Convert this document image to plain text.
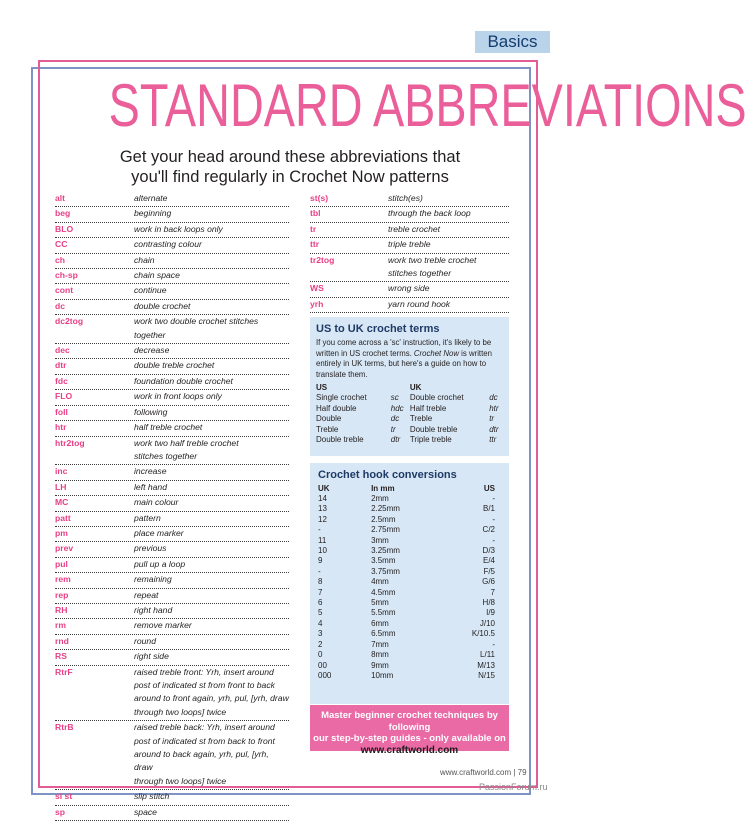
Basics
STANDARD ABBREVIATIONS
Get your head around these abbreviations that
you'll find regularly in Crochet Now patterns
alt	alternate
beg	beginning
BLO	work in back loops only
CC	contrasting colour
ch	chain
ch-sp	chain space
cont	continue
dc	double crochet
dc2tog	work two double crochet stitches together
dec	decrease
dtr	double treble crochet
fdc	foundation double crochet
FLO	work in front loops only
foll	following
htr	half treble crochet
htr2tog	work two half treble crochet
stitches together
inc	increase
LH	left hand
MC	main colour
patt	pattern
pm	place marker
prev	previous
pul	pull up a loop
rem	remaining
rep	repeat
RH	right hand
rm	remove marker
rnd	round
RS	right side
RtrF	raised treble front: Yrh, insert around
post of indicated st from front to back
around to front again, yrh, pul, [yrh, draw
through two loops] twice
RtrB	raised treble back: Yrh, insert around
post of indicated st from back to front
around to back again, yrh, pul, [yrh, draw
through two loops] twice
sl st	slip stitch
sp	space
st(s)	stitch(es)
tbl	through the back loop
tr	treble crochet
ttr	triple treble
tr2tog	work two treble crochet
stitches together
WS	wrong side
yrh	yarn round hook
US to UK crochet terms
If you come across a 'sc' instruction, it's likely to be written in US crochet terms. Crochet Now is written entirely in UK terms, but here's a guide on how to translate them.
US		UK	
Single crochet	sc	Double crochet	dc
Half double	hdc	Half treble	htr
Double	dc	Treble	tr
Treble	tr	Double treble	dtr
Double treble	dtr	Triple treble	ttr
Crochet hook conversions
UK	In mm	US
14	2mm	-
13	2.25mm	B/1
12	2.5mm	-
-	2.75mm	C/2
11	3mm	-
10	3.25mm	D/3
9	3.5mm	E/4
-	3.75mm	F/5
8	4mm	G/6
7	4.5mm	7
6	5mm	H/8
5	5.5mm	I/9
4	6mm	J/10
3	6.5mm	K/10.5
2	7mm	-
0	8mm	L/11
00	9mm	M/13
000	10mm	N/15
Master beginner crochet techniques by following
our step-by-step guides - only available on
www.craftworld.com
www.craftworld.com | 79
PassionForum.ru
